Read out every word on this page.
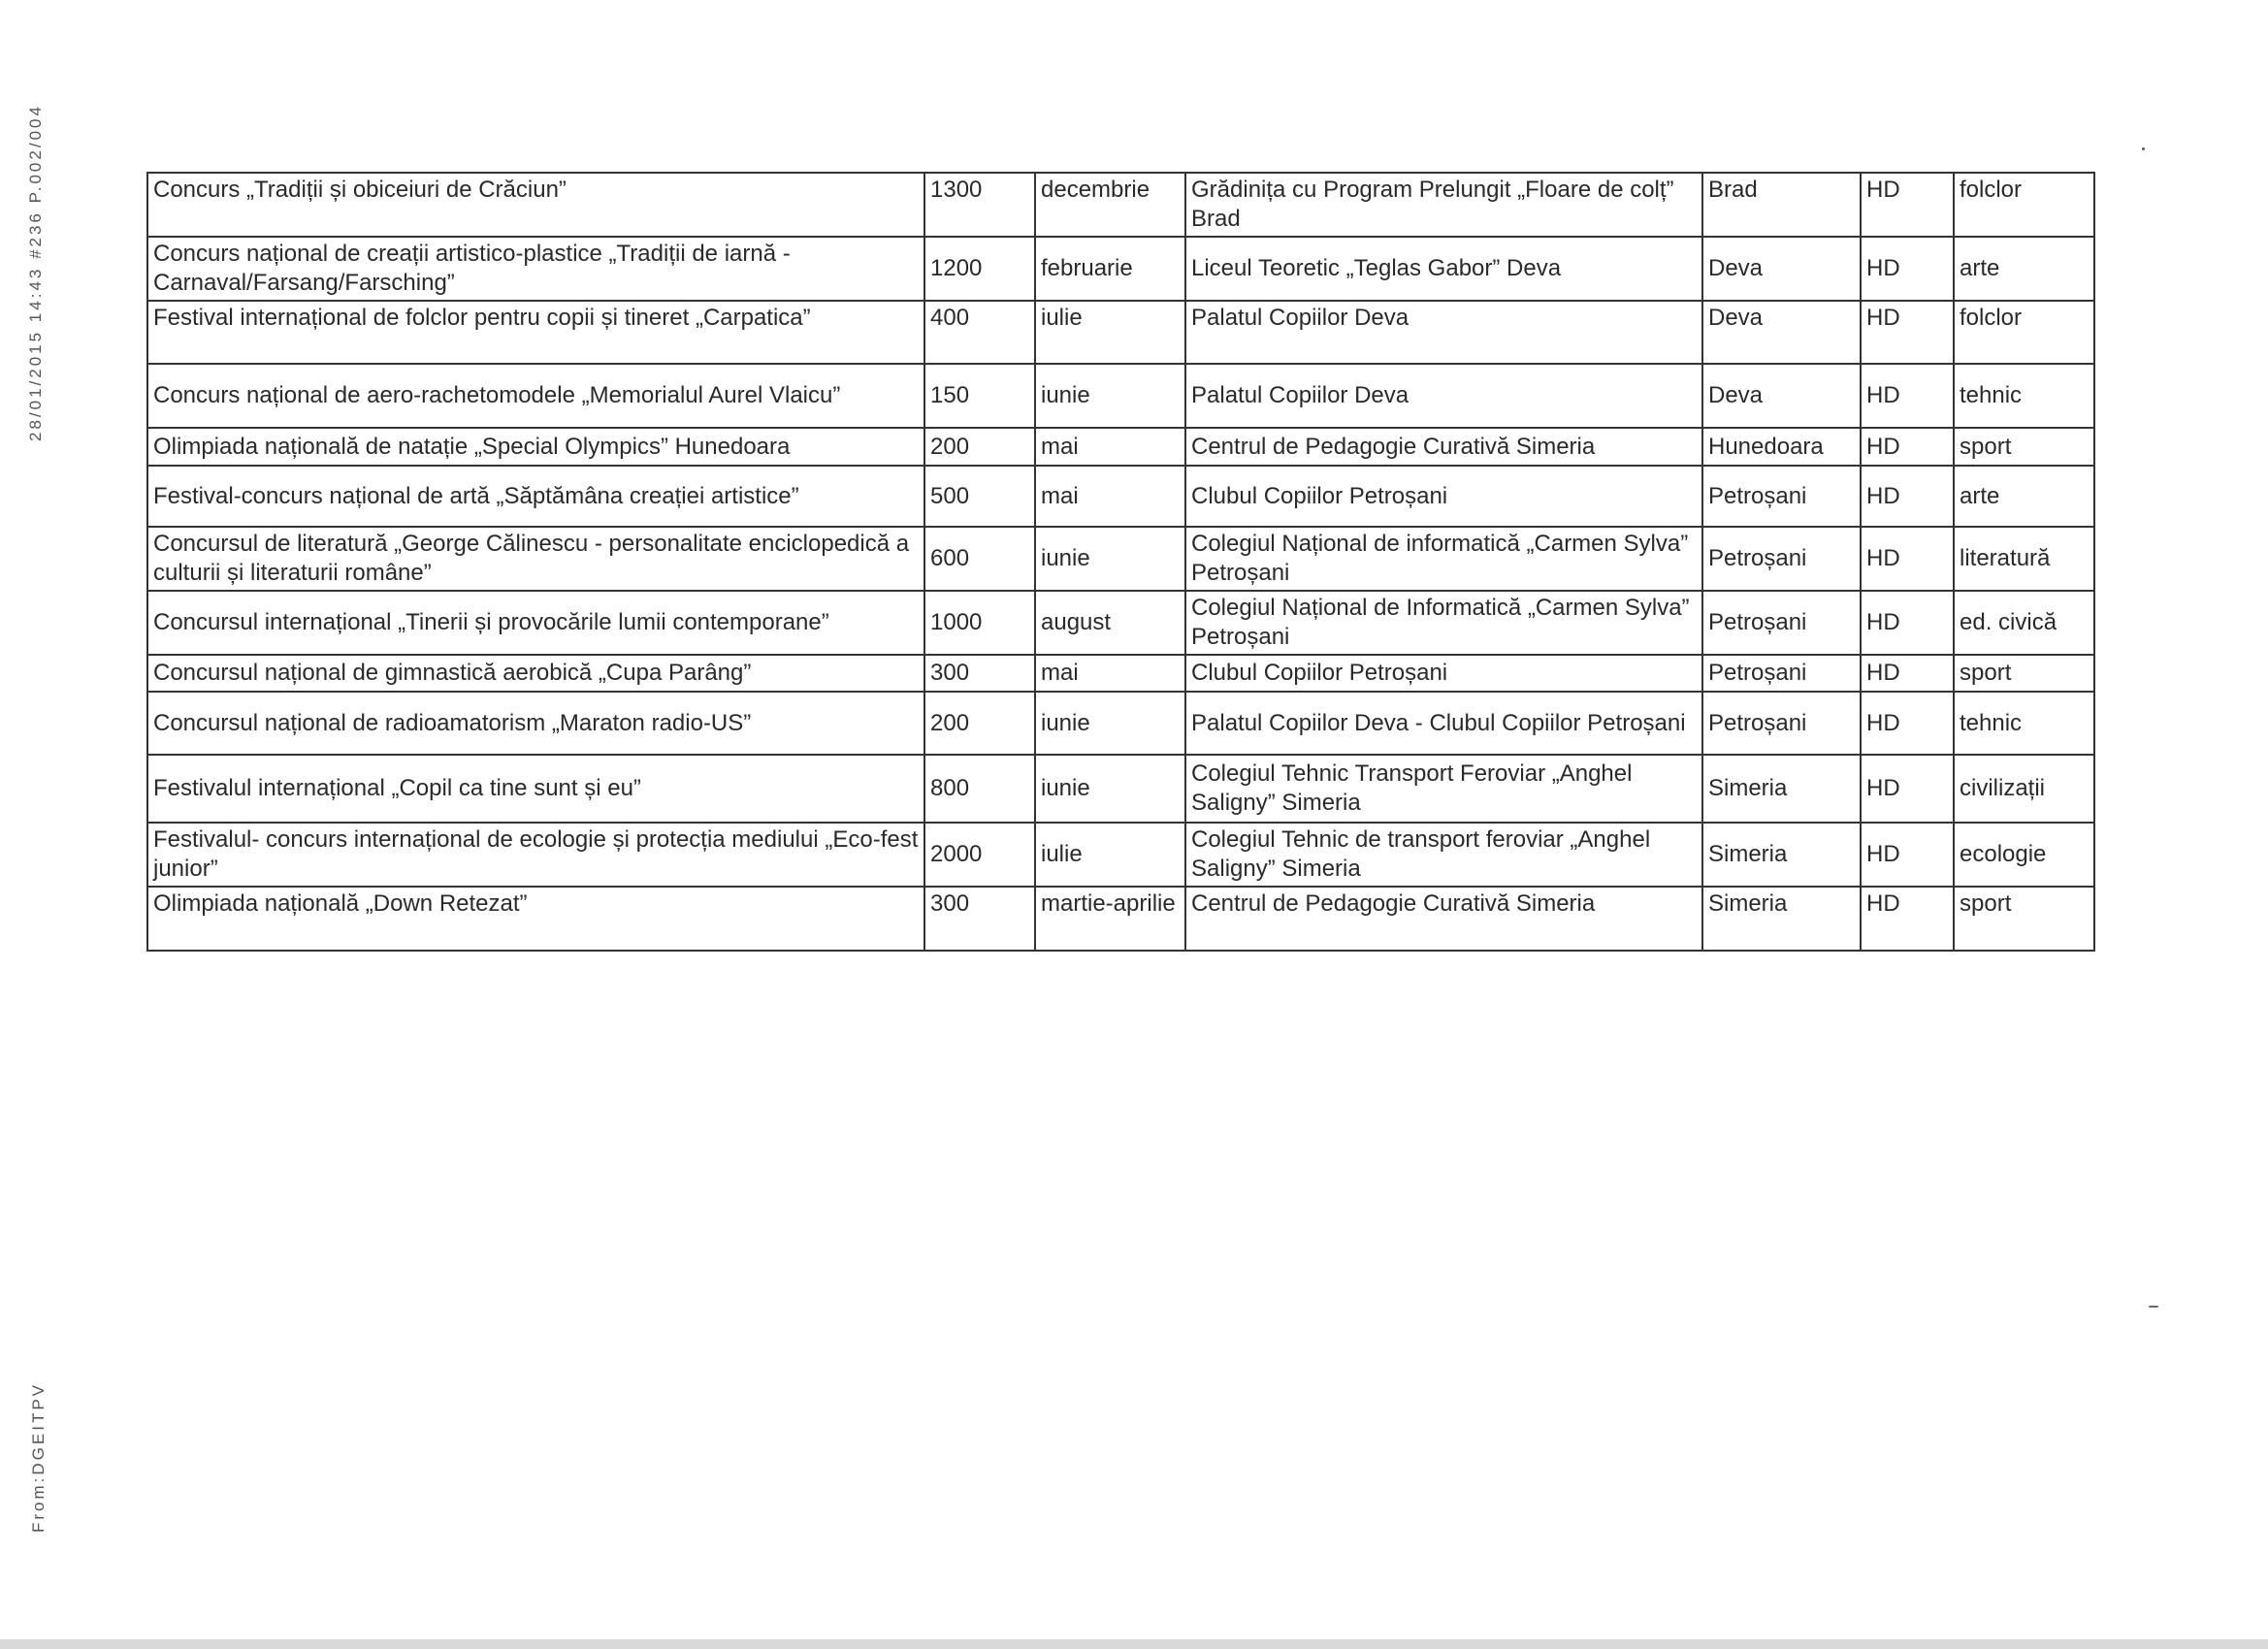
28/01/2015 14:43 #236 P.002/004
From:DGEITPV
Concurs „Tradiții și obiceiuri de Crăciun”	1300	decembrie	Grădinița cu Program Prelungit „Floare de colț” Brad	Brad	HD	folclor
Concurs național de creații artistico-plastice „Tradiții de iarnă - Carnaval/Farsang/Farsching”	1200	februarie	Liceul Teoretic „Teglas Gabor” Deva	Deva	HD	arte
Festival internațional de folclor pentru copii și tineret „Carpatica”	400	iulie	Palatul Copiilor Deva	Deva	HD	folclor
Concurs național de aero-rachetomodele „Memorialul Aurel Vlaicu”	150	iunie	Palatul Copiilor Deva	Deva	HD	tehnic
Olimpiada națională de natație „Special Olympics” Hunedoara	200	mai	Centrul de Pedagogie Curativă Simeria	Hunedoara	HD	sport
Festival-concurs național de artă „Săptămâna creației artistice”	500	mai	Clubul Copiilor Petroșani	Petroșani	HD	arte
Concursul de literatură „George Călinescu - personalitate enciclopedică a culturii și literaturii române”	600	iunie	Colegiul Național de informatică „Carmen Sylva” Petroșani	Petroșani	HD	literatură
Concursul internațional „Tinerii și provocările lumii contemporane”	1000	august	Colegiul Național de Informatică „Carmen Sylva” Petroșani	Petroșani	HD	ed. civică
Concursul național de gimnastică aerobică „Cupa Parâng”	300	mai	Clubul Copiilor Petroșani	Petroșani	HD	sport
Concursul național de radioamatorism „Maraton radio-US”	200	iunie	Palatul Copiilor Deva - Clubul Copiilor Petroșani	Petroșani	HD	tehnic
Festivalul internațional „Copil ca tine sunt și eu”	800	iunie	Colegiul Tehnic Transport Feroviar „Anghel Saligny” Simeria	Simeria	HD	civilizații
Festivalul- concurs internațional de ecologie și protecția mediului „Eco-fest junior”	2000	iulie	Colegiul Tehnic de transport feroviar „Anghel Saligny” Simeria	Simeria	HD	ecologie
Olimpiada națională „Down Retezat”	300	martie-aprilie	Centrul de Pedagogie Curativă Simeria	Simeria	HD	sport
